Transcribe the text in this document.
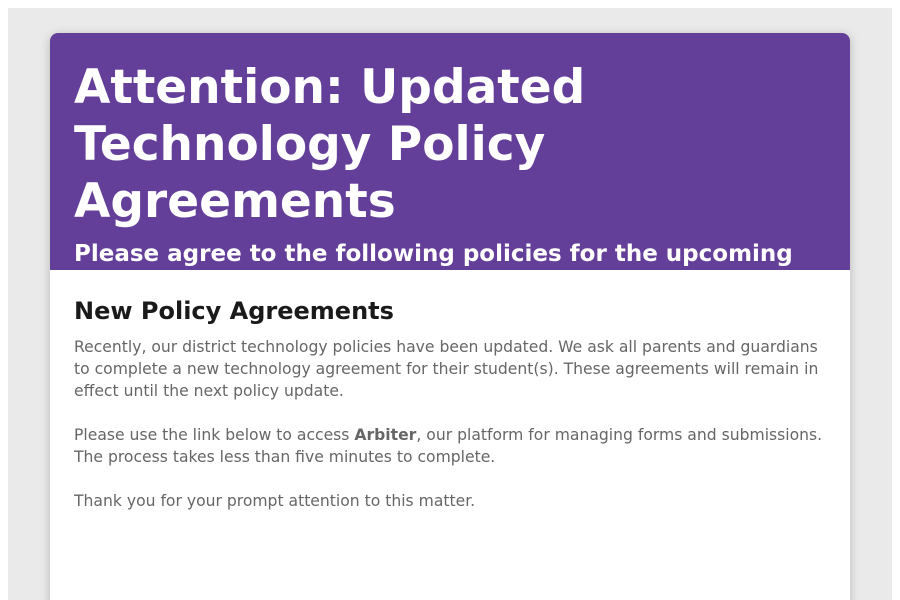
Attention: Updated Technology Policy Agreements
Please agree to the following policies for the upcoming school year
New Policy Agreements

Recently, our district technology policies have been updated. We ask all parents and guardians to complete a new technology agreement for their student(s). These agreements will remain in effect until the next policy update.

Please use the link below to access Arbiter, our platform for managing forms and submissions. The process takes less than five minutes to complete.

Thank you for your prompt attention to this matter.
